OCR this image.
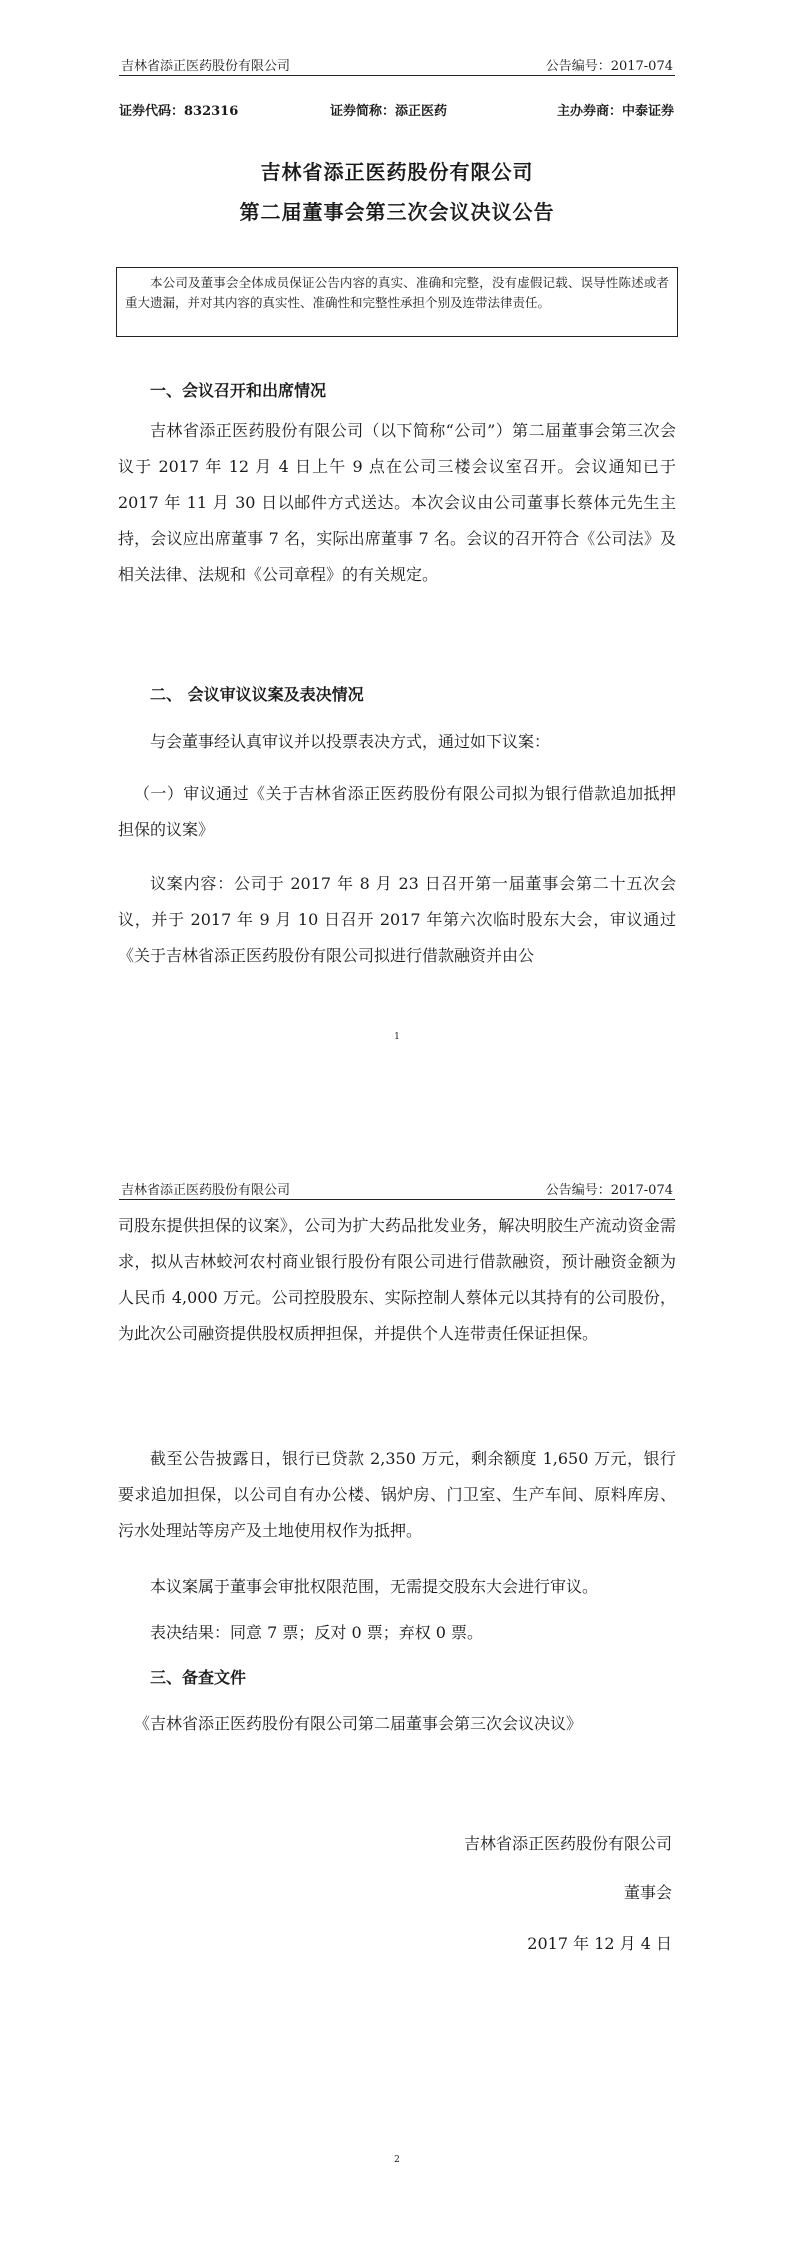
吉林省添正医药股份有限公司	公告编号：2017-074
证券代码：832316	证券简称：添正医药	主办券商：中泰证券
吉林省添正医药股份有限公司
第二届董事会第三次会议决议公告
本公司及董事会全体成员保证公告内容的真实、准确和完整，没有虚假记载、误导性陈述或者重大遗漏，并对其内容的真实性、准确性和完整性承担个别及连带法律责任。
一、会议召开和出席情况

吉林省添正医药股份有限公司（以下简称“公司”）第二届董事会第三次会议于 2017 年 12 月 4 日上午 9 点在公司三楼会议室召开。会议通知已于 2017 年 11 月 30 日以邮件方式送达。本次会议由公司董事长蔡体元先生主持，会议应出席董事 7 名，实际出席董事 7 名。会议的召开符合《公司法》及相关法律、法规和《公司章程》的有关规定。

二、 会议审议议案及表决情况

与会董事经认真审议并以投票表决方式，通过如下议案：

（一）审议通过《关于吉林省添正医药股份有限公司拟为银行借款追加抵押担保的议案》

议案内容：公司于 2017 年 8 月 23 日召开第一届董事会第二十五次会议，并于 2017 年 9 月 10 日召开 2017 年第六次临时股东大会，审议通过《关于吉林省添正医药股份有限公司拟进行借款融资并由公

1
吉林省添正医药股份有限公司	公告编号：2017-074

司股东提供担保的议案》，公司为扩大药品批发业务，解决明胶生产流动资金需求，拟从吉林蛟河农村商业银行股份有限公司进行借款融资，预计融资金额为人民币 4,000 万元。公司控股股东、实际控制人蔡体元以其持有的公司股份，为此次公司融资提供股权质押担保，并提供个人连带责任保证担保。

截至公告披露日，银行已贷款 2,350 万元，剩余额度 1,650 万元，银行要求追加担保，以公司自有办公楼、锅炉房、门卫室、生产车间、原料库房、污水处理站等房产及土地使用权作为抵押。

本议案属于董事会审批权限范围，无需提交股东大会进行审议。

表决结果：同意 7 票；反对 0 票；弃权 0 票。

三、备查文件

《吉林省添正医药股份有限公司第二届董事会第三次会议决议》

吉林省添正医药股份有限公司
董事会
2017 年 12 月 4 日
2
